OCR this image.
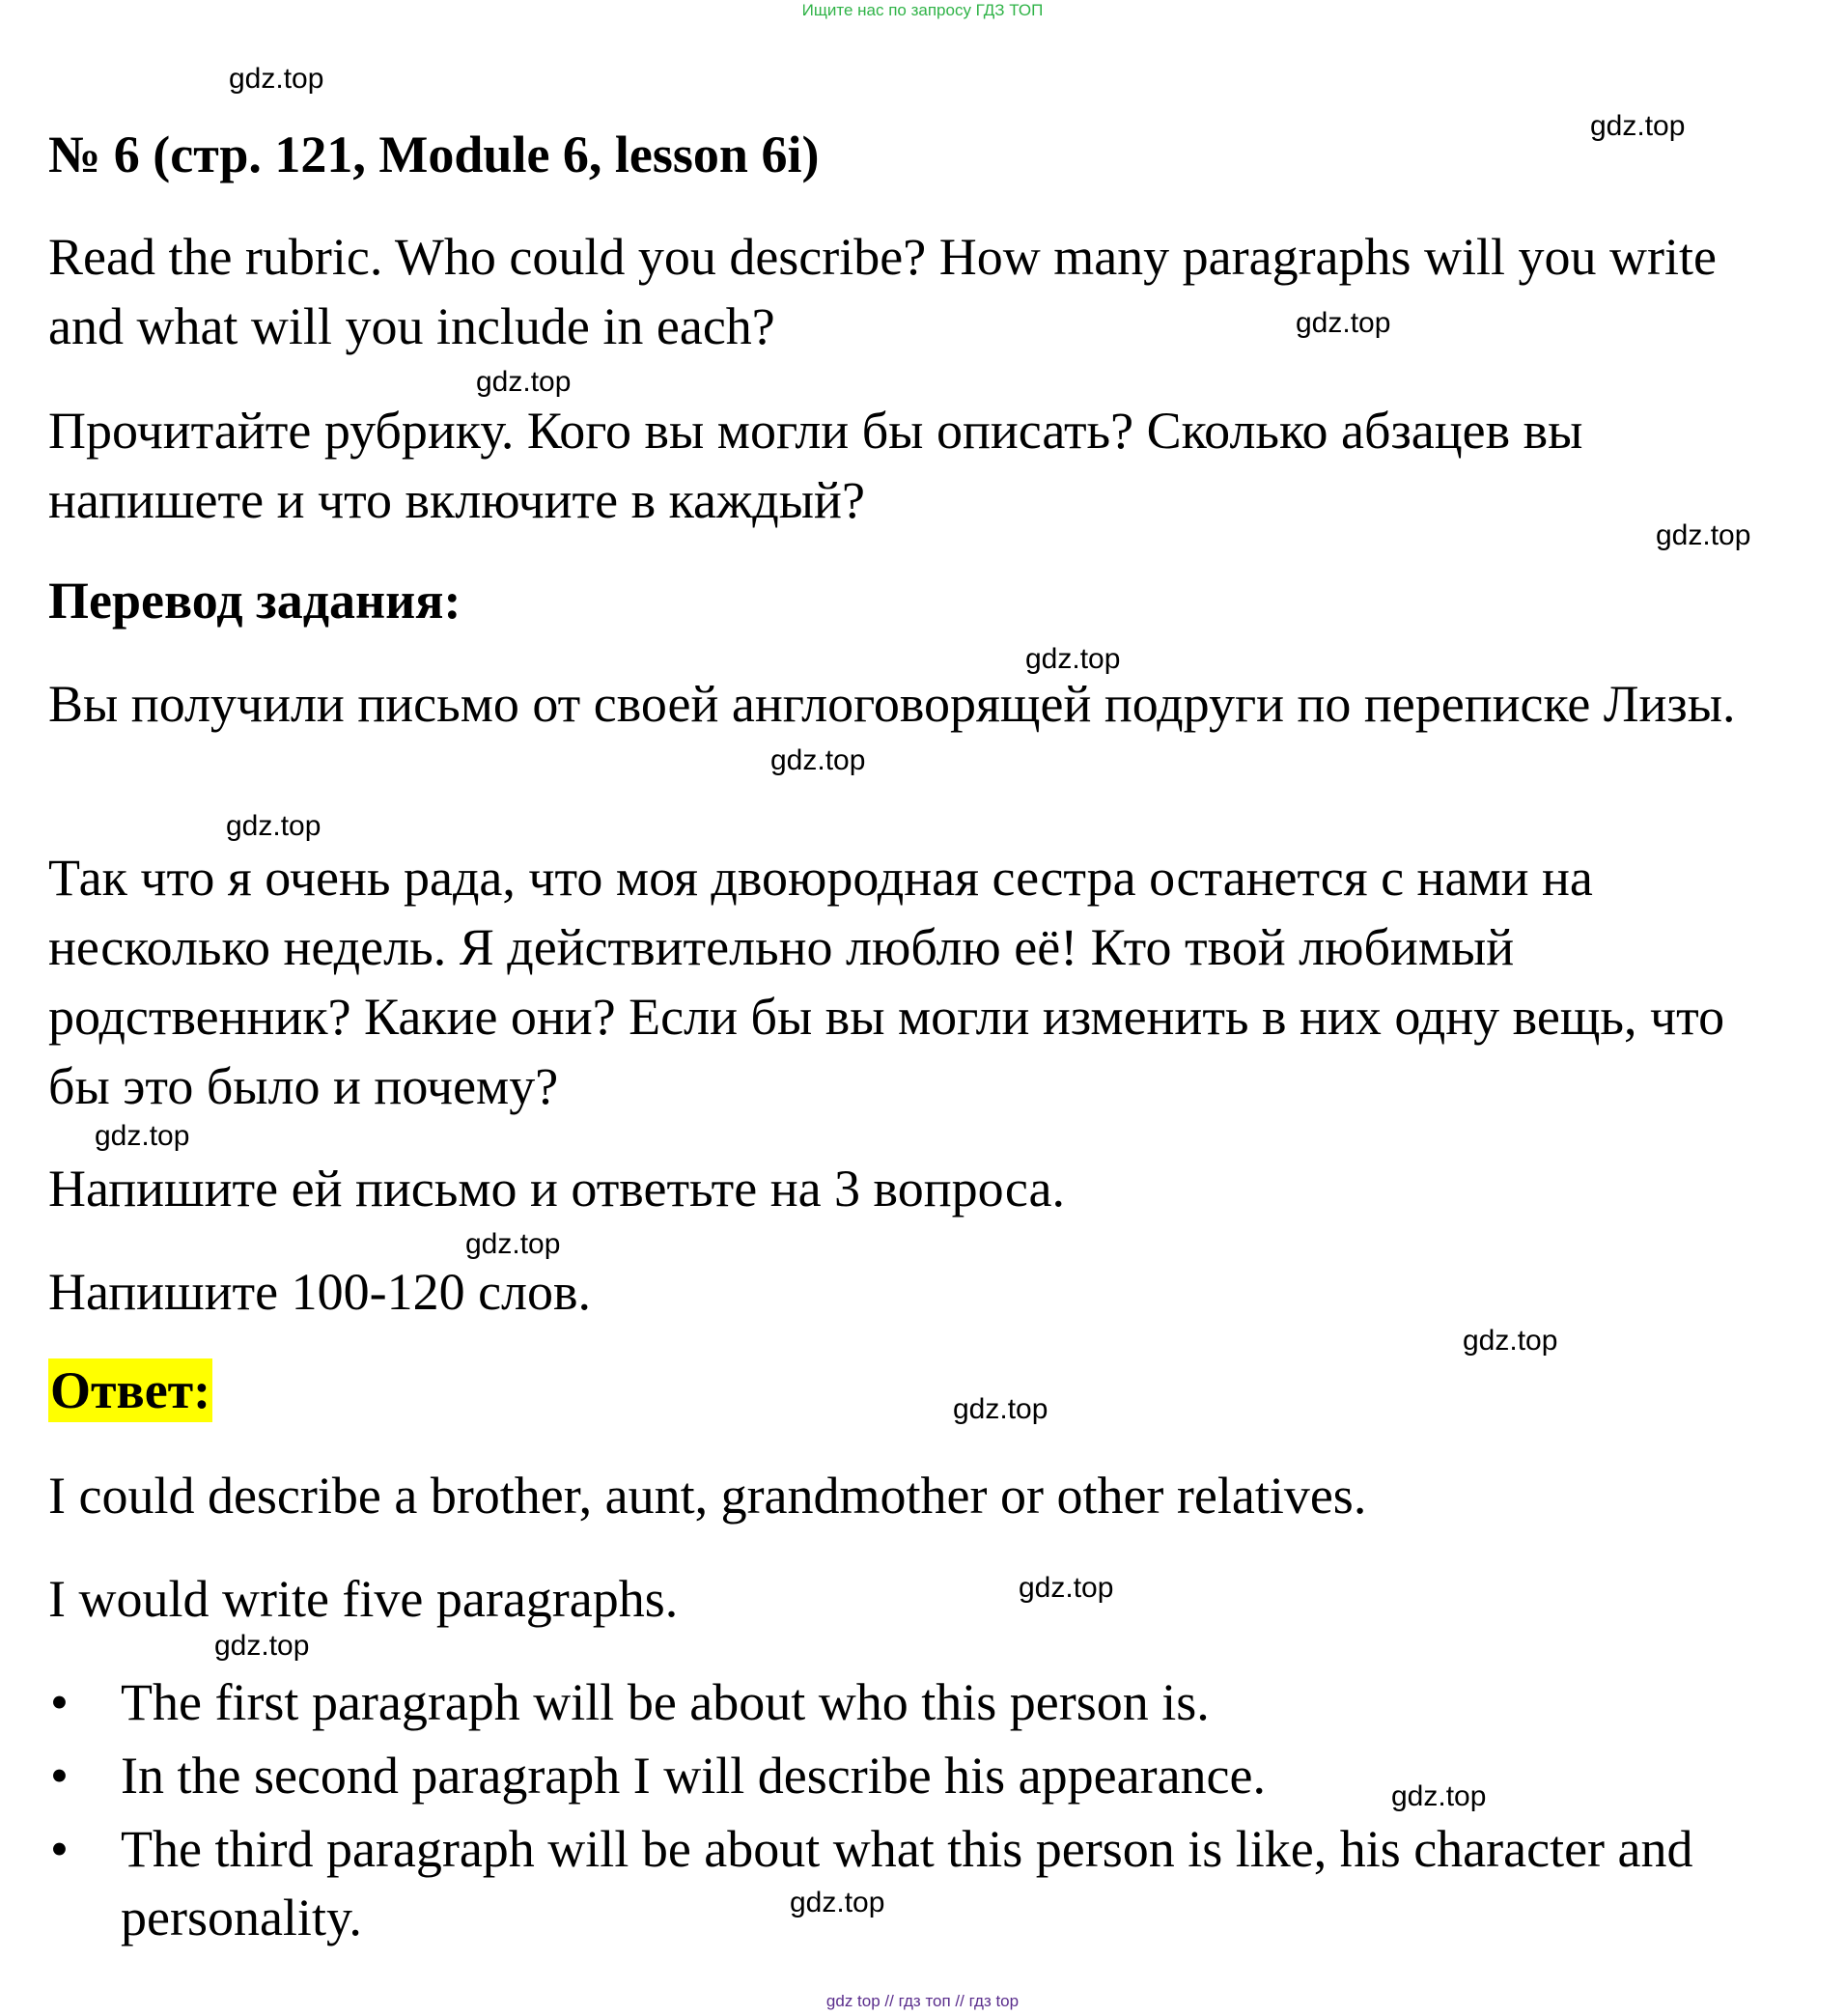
Ищите нас по запросу ГДЗ ТОП
№ 6 (стр. 121, Module 6, lesson 6i)
Read the rubric. Who could you describe? How many paragraphs will you write and what will you include in each?
Прочитайте рубрику. Кого вы могли бы описать? Сколько абзацев вы напишете и что включите в каждый?
Перевод задания:
Вы получили письмо от своей англоговорящей подруги по переписке Лизы.
Так что я очень рада, что моя двоюродная сестра останется с нами на несколько недель. Я действительно люблю её! Кто твой любимый родственник? Какие они? Если бы вы могли изменить в них одну вещь, что бы это было и почему?
Напишите ей письмо и ответьте на 3 вопроса.
Напишите 100-120 слов.
Ответ:
I could describe a brother, aunt, grandmother or other relatives.
I would write five paragraphs.
•	The first paragraph will be about who this person is.
•	In the second paragraph I will describe his appearance.
•	The third paragraph will be about what this person is like, his character and personality.
gdz.top
gdz.top
gdz.top
gdz.top
gdz.top
gdz.top
gdz.top
gdz.top
gdz.top
gdz.top
gdz.top
gdz.top
gdz.top
gdz.top
gdz.top
gdz.top
gdz top // гдз топ // гдз top
